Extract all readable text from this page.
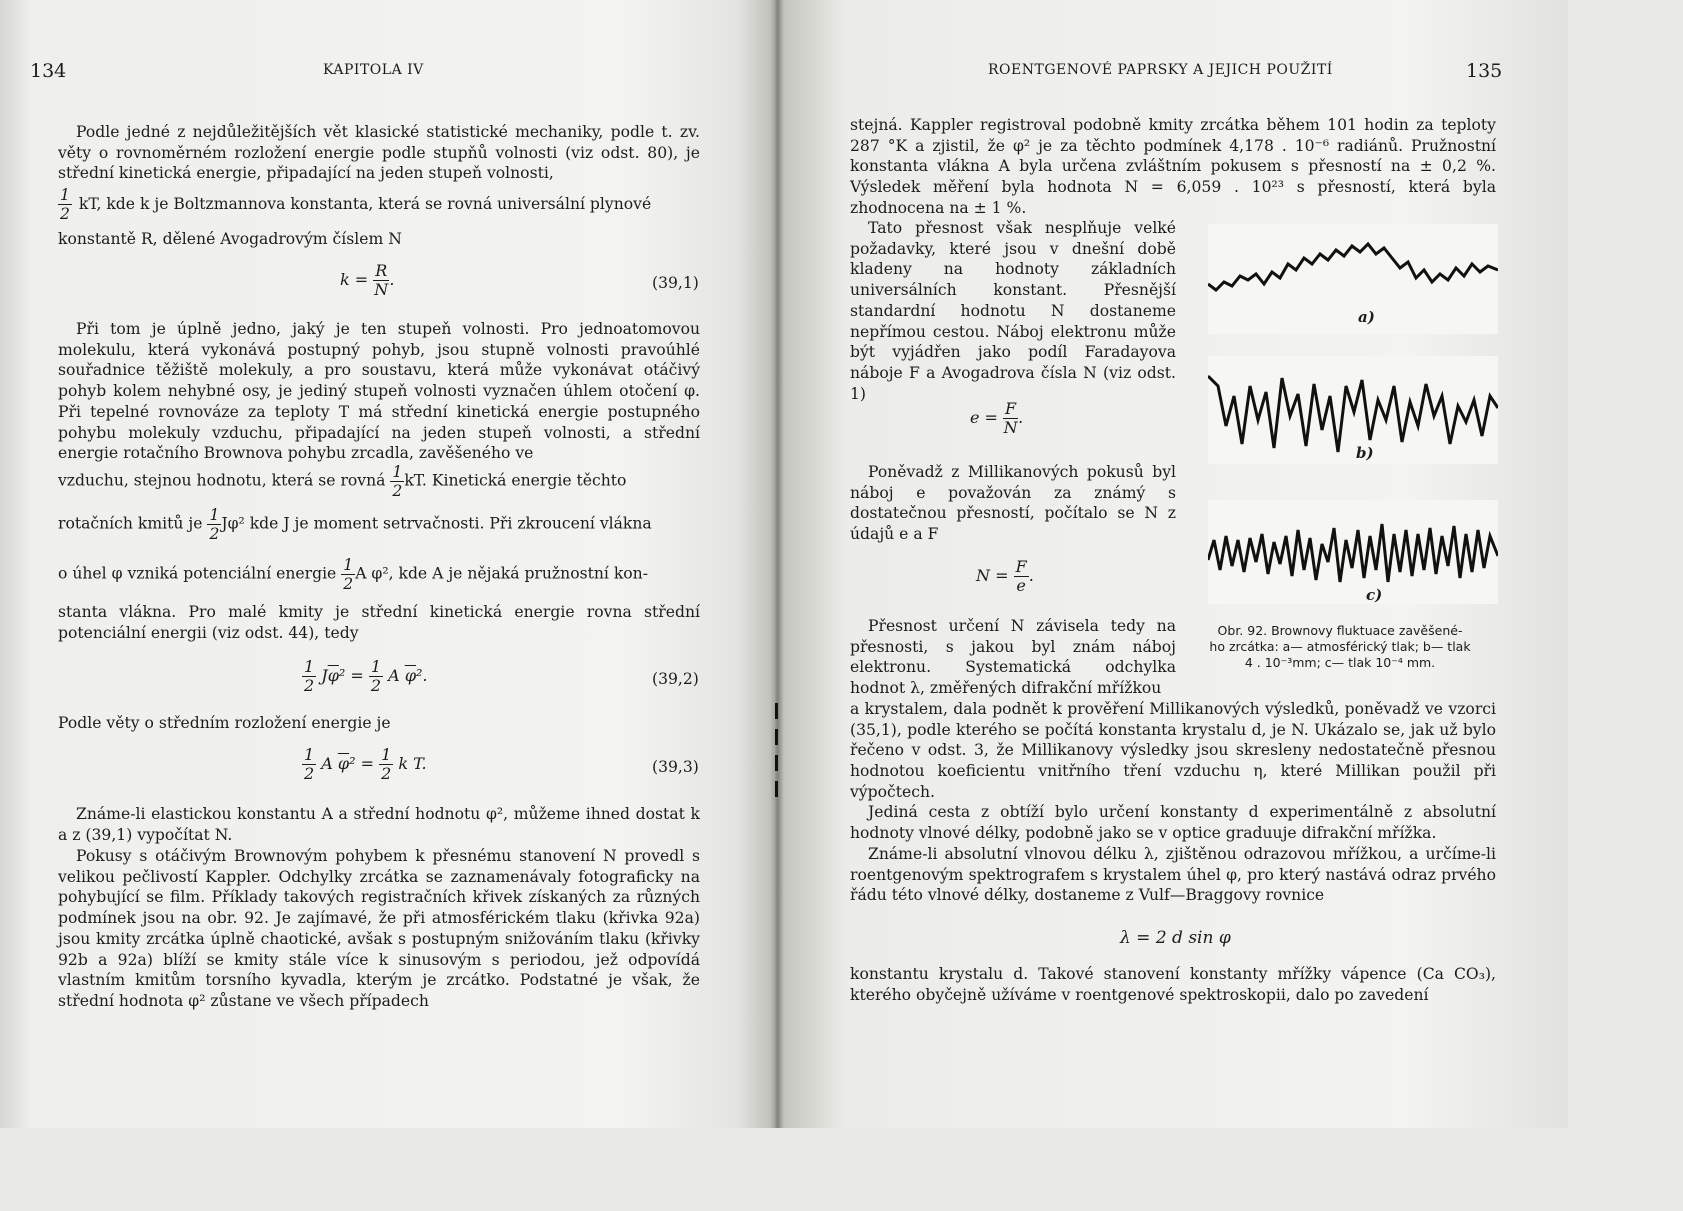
134	KAPITOLA IV

Podle jedné z nejdůležitějších vět klasické statistické mechaniky, podle t. zv. věty o rovnoměrném rozložení energie podle stupňů volnosti (viz odst. 80), je střední kinetická energie, připadající na jeden stupeň volnosti,

$\frac{1}{2}$ kT, kde k je Boltzmannova konstanta, která se rovná universální plynové

konstantě R, dělené Avogadrovým číslem N

$k = \frac{R}{N}$ .	(39,1)

Při tom je úplně jedno, jaký je ten stupeň volnosti. Pro jednoatomovou molekulu, která vykonává postupný pohyb, jsou stupně volnosti pravoúhlé souřadnice těžiště molekuly, a pro soustavu, která může vykonávat otáčivý pohyb kolem nehybné osy, je jediný stupeň volnosti vyznačen úhlem otočení φ. Při tepelné rovnováze za teploty T má střední kinetická energie postupného pohybu molekuly vzduchu, připadající na jeden stupeň volnosti, a střední energie rotačního Brownova pohybu zrcadla, zavěšeného ve

vzduchu, stejnou hodnotu, která se rovná $\frac{1}{2}$ kT. Kinetická energie těchto
rotačních kmitů je $\frac{1}{2} J\varphi^2$ kde J je moment setrvačnosti. Při zkroucení vlákna
o úhel φ vzniká potenciální energie $\frac{1}{2}$ A φ², kde A je nějaká pružnostní kon-

stanta vlákna. Pro malé kmity je střední kinetická energie rovna střední potenciální energii (viz odst. 44), tedy

$\frac{1}{2} J\overline{\varphi}^2 = \frac{1}{2}$ A $\overline{\varphi}^2$.	(39,2)

Podle věty o středním rozložení energie je

$\frac{1}{2}$ A $\overline{\varphi}^2 = \frac{1}{2}$ k T.	(39,3)

Známe-li elastickou konstantu A a střední hodnotu φ², můžeme ihned dostat k a z (39,1) vypočítat N.

Pokusy s otáčivým Brownovým pohybem k přesnému stanovení N provedl s velikou pečlivostí Kappler. Odchylky zrcátka se zaznamenávaly fotograficky na pohybující se film. Příklady takových registračních křivek získaných za různých podmínek jsou na obr. 92. Je zajímavé, že při atmosférickém tlaku (křivka 92a) jsou kmity zrcátka úplně chaotické, avšak s postupným snižováním tlaku (křivky 92b a 92a) blíží se kmity stále více k sinusovým s periodou, jež odpovídá vlastním kmitům torsního kyvadla, kterým je zrcátko. Podstatné je však, že střední hodnota φ² zůstane ve všech případech

ROENTGENOVÉ PAPRSKY A JEJICH POUŽITÍ	135

stejná. Kappler registroval podobně kmity zrcátka během 101 hodin za teploty 287 °K a zjistil, že φ² je za těchto podmínek 4,178 . 10⁻⁶ radiánů. Pružnostní konstanta vlákna A byla určena zvláštním pokusem s přesností na ± 0,2 %. Výsledek měření byla hodnota N = 6,059 . 10²³ s přesností, která byla zhodnocena na ± 1 %.

Tato přesnost však nesplňuje velké požadavky, které jsou v dnešní době kladeny na hodnoty základních universálních konstant. Přesnější standardní hodnotu N dostaneme nepřímou cestou. Náboj elektronu může být vyjádřen jako podíl Faradayova náboje F a Avogadrova čísla N (viz odst. 1)

$e = \frac{F}{N}$ .

Poněvadž z Millikanových pokusů byl náboj e považován za známý s dostatečnou přesností, počítalo se N z údajů e a F

$N = \frac{F}{e}$ .

Přesnost určení N závisela tedy na přesnosti, s jakou byl znám náboj elektronu. Systematická odchylka hodnot λ, změřených difrakční mřížkou

a krystalem, dala podnět k prověření Millikanových výsledků, poněvadž ve vzorci (35,1), podle kterého se počítá konstanta krystalu d, je N. Ukázalo se, jak už bylo řečeno v odst. 3, že Millikanovy výsledky jsou skresleny nedostatečně přesnou hodnotou koeficientu vnitřního tření vzduchu η, které Millikan použil při výpočtech.

Jediná cesta z obtíží bylo určení konstanty d experimentálně z absolutní hodnoty vlnové délky, podobně jako se v optice graduuje difrakční mřížka.

Známe-li absolutní vlnovou délku λ, zjištěnou odrazovou mřížkou, a určíme-li roentgenovým spektrografem s krystalem úhel φ, pro který nastává odraz prvého řádu této vlnové délky, dostaneme z Vulf—Braggovy rovnice

λ = 2 d sin φ

konstantu krystalu d. Takové stanovení konstanty mřížky vápence (Ca CO₃), kterého obyčejně užíváme v roentgenové spektroskopii, dalo po zavedení

a)
b)
c)
Obr. 92. Brownovy fluktuace zavěšené-
ho zrcátka: a— atmosférický tlak; b— tlak
4 . 10⁻³mm; c— tlak 10⁻⁴ mm.
